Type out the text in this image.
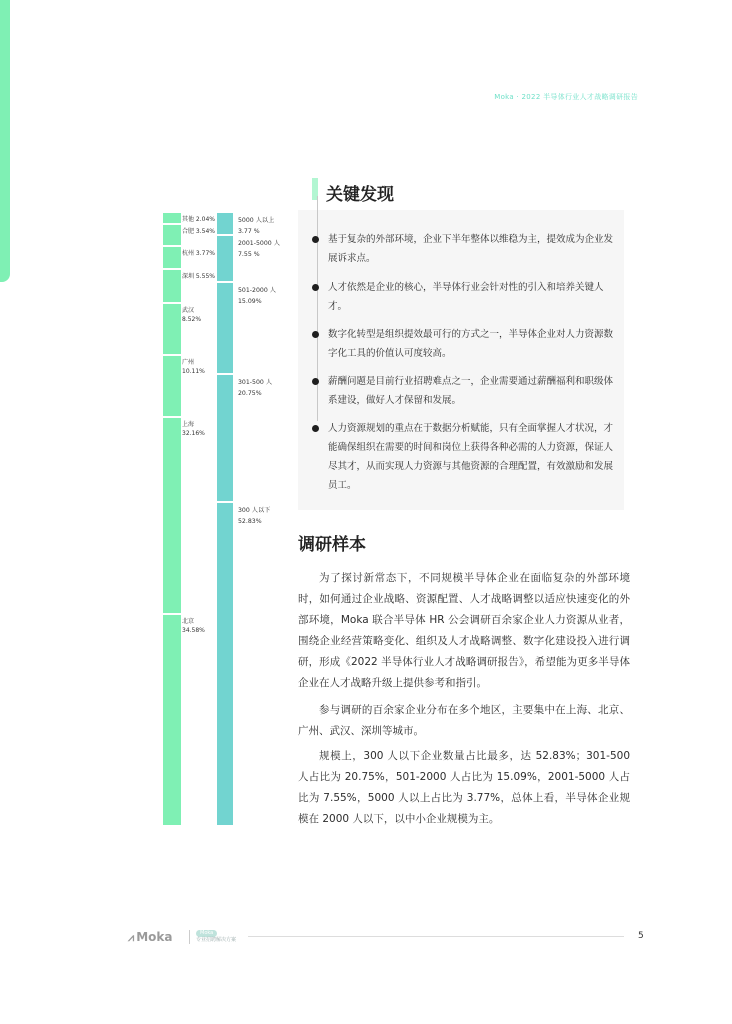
Moka · 2022 半导体行业人才战略调研报告
其他 2.04%
合肥 3.54%
杭州 3.77%
深圳 5.55%
武汉
8.52%
广州
10.11%
上海
32.16%
北京
34.58%
5000 人以上
3.77 %
2001-5000 人
7.55 %
501-2000 人
15.09%
301-500 人
20.75%
300 人以下
52.83%
关键发现
基于复杂的外部环境，企业下半年整体以维稳为主，提效成为企业发展诉求点。
人才依然是企业的核心，半导体行业会针对性的引入和培养关键人才。
数字化转型是组织提效最可行的方式之一，半导体企业对人力资源数字化工具的价值认可度较高。
薪酬问题是目前行业招聘难点之一，企业需要通过薪酬福利和职级体系建设，做好人才保留和发展。
人力资源规划的重点在于数据分析赋能，只有全面掌握人才状况，才能确保组织在需要的时间和岗位上获得各种必需的人力资源，保证人尽其才，从而实现人力资源与其他资源的合理配置，有效激励和发展员工。
调研样本
为了探讨新常态下，不同规模半导体企业在面临复杂的外部环境时，如何通过企业战略、资源配置、人才战略调整以适应快速变化的外部环境，Moka 联合半导体 HR 公会调研百余家企业人力资源从业者，围绕企业经营策略变化、组织及人才战略调整、数字化建设投入进行调研，形成《2022 半导体行业人才战略调研报告》，希望能为更多半导体企业在人才战略升级上提供参考和指引。
参与调研的百余家企业分布在多个地区，主要集中在上海、北京、广州、武汉、深圳等城市。
规模上，300 人以下企业数量占比最多，达 52.83%；301-500 人占比为 20.75%，501-2000 人占比为 15.09%，2001-5000 人占比为 7.55%，5000 人以上占比为 3.77%，总体上看，半导体企业规模在 2000 人以下，以中小企业规模为主。
⩘ Moka	Moka
专业招聘解决方案	5
